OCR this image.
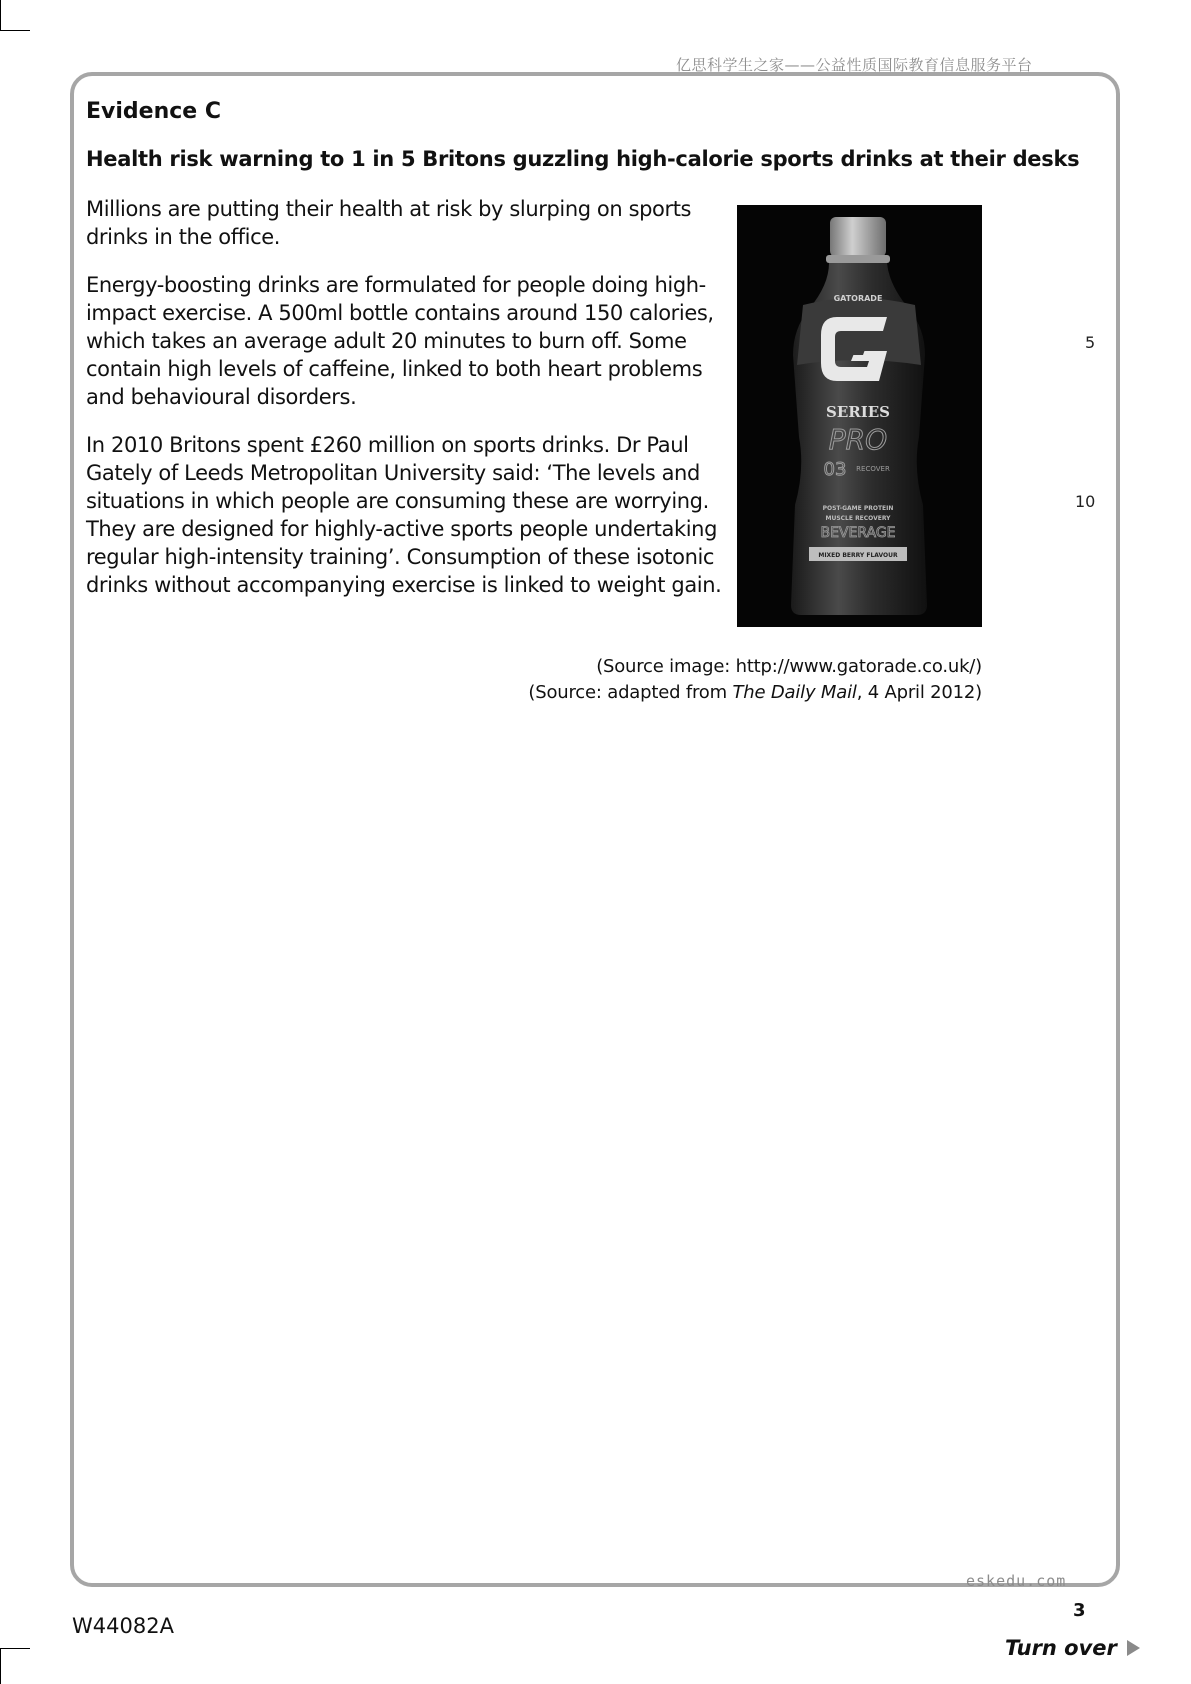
亿思科学生之家——公益性质国际教育信息服务平台
Evidence C
Health risk warning to 1 in 5 Britons guzzling high-calorie sports drinks at their desks

Millions are putting their health at risk by slurping on sports drinks in the office.

Energy-boosting drinks are formulated for people doing high-impact exercise. A 500ml bottle contains around 150 calories, which takes an average adult 20 minutes to burn off. Some contain high levels of caffeine, linked to both heart problems and behavioural disorders.

In 2010 Britons spent £260 million on sports drinks. Dr Paul Gately of Leeds Metropolitan University said: ‘The levels and situations in which people are consuming these are worrying. They are designed for highly-active sports people undertaking regular high-intensity training’. Consumption of these isotonic drinks without accompanying exercise is linked to weight gain.

5
10
GATORADE
SERIES
PRO
03 RECOVER
POST-GAME PROTEIN
MUSCLE RECOVERY
BEVERAGE
MIXED BERRY FLAVOUR
(Source image: http://www.gatorade.co.uk/)
(Source: adapted from The Daily Mail, 4 April 2012)
eskedu.com
3
W44082A
Turn over
